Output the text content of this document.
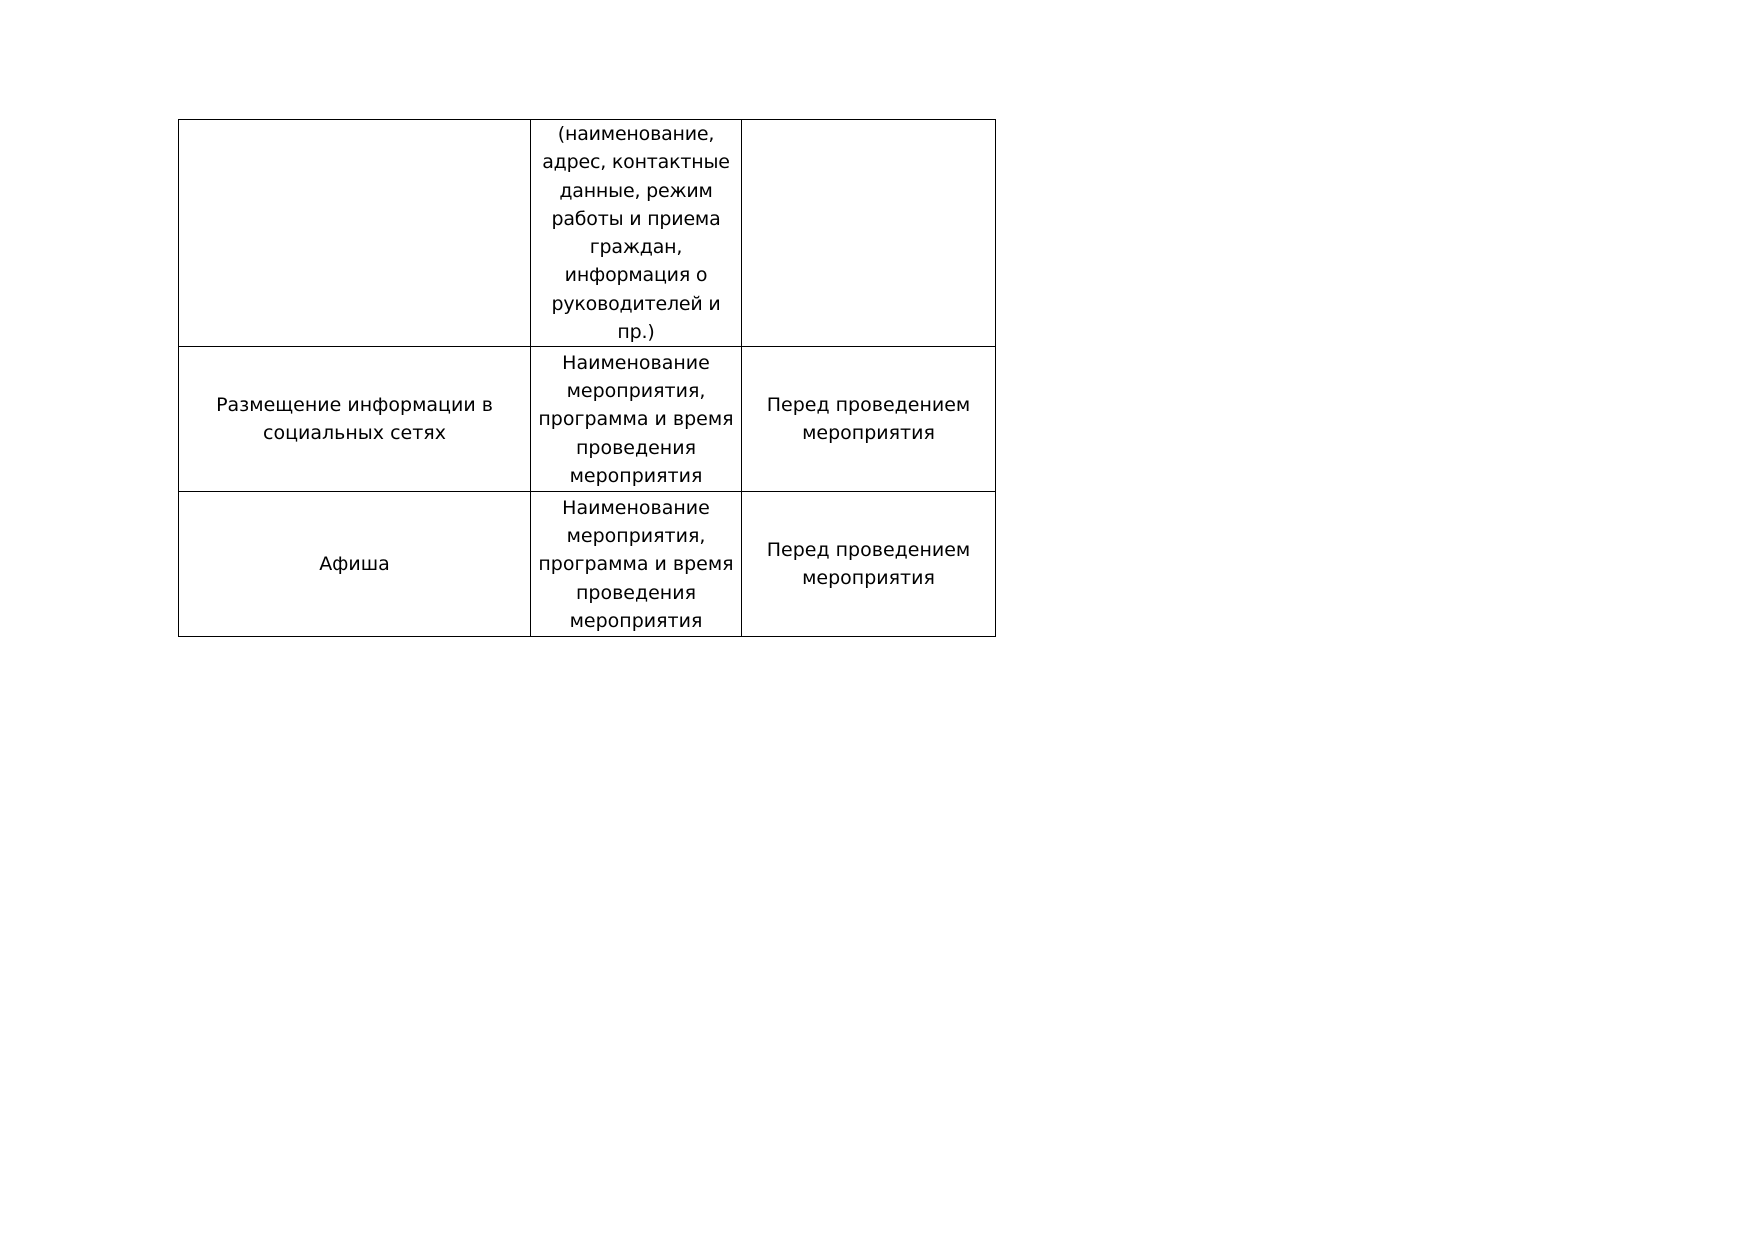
	(наименование, адрес, контактные данные, режим работы и приема граждан, информация о руководителей и пр.)	

Размещение информации в социальных сетях	Наименование мероприятия, программа и время проведения мероприятия	Перед проведением мероприятия

Афиша	Наименование мероприятия, программа и время проведения мероприятия	Перед проведением мероприятия
